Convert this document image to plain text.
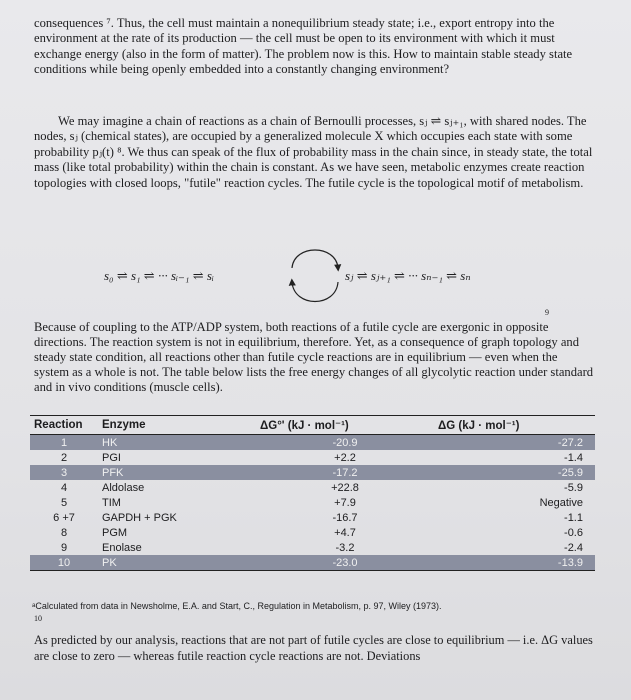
consequences ⁷. Thus, the cell must maintain a nonequilibrium steady state; i.e., export entropy into the environment at the rate of its production — the cell must be open to its environment with which it must exchange energy (also in the form of matter). The problem now is this. How to maintain stable steady state conditions while being openly embedded into a constantly changing environment?

We may imagine a chain of reactions as a chain of Bernoulli processes, sⱼ ⇌ sⱼ₊₁, with shared nodes. The nodes, sⱼ (chemical states), are occupied by a generalized molecule X which occupies each state with some probability pⱼ(t) ⁸. We thus can speak of the flux of probability mass in the chain since, in steady state, the total mass (like total probability) within the chain is constant. As we have seen, metabolic enzymes create reaction topologies with closed loops, "futile" reaction cycles. The futile cycle is the topological motif of metabolism.

s₀ ⇌ s₁ ⇌ ··· sᵢ₋₁ ⇌ sᵢ	sⱼ ⇌ sⱼ₊₁ ⇌ ··· sₙ₋₁ ⇌ sₙ
9

Because of coupling to the ATP/ADP system, both reactions of a futile cycle are exergonic in opposite directions. The reaction system is not in equilibrium, therefore. Yet, as a consequence of graph topology and steady state condition, all reactions other than futile cycle reactions are in equilibrium — even when the system as a whole is not. The table below lists the free energy changes of all glycolytic reaction under standard and in vivo conditions (muscle cells).

Reaction	Enzyme	ΔG°' (kJ · mol⁻¹)	ΔG (kJ · mol⁻¹)
1	HK	-20.9	-27.2
2	PGI	+2.2	-1.4
3	PFK	-17.2	-25.9
4	Aldolase	+22.8	-5.9
5	TIM	+7.9	Negative
6 +7	GAPDH + PGK	-16.7	-1.1
8	PGM	+4.7	-0.6
9	Enolase	-3.2	-2.4
10	PK	-23.0	-13.9
ᵃCalculated from data in Newsholme, E.A. and Start, C., Regulation in Metabolism, p. 97, Wiley (1973).
10

As predicted by our analysis, reactions that are not part of futile cycles are close to equilibrium — i.e. ΔG values are close to zero — whereas futile reaction cycle reactions are not. Deviations
